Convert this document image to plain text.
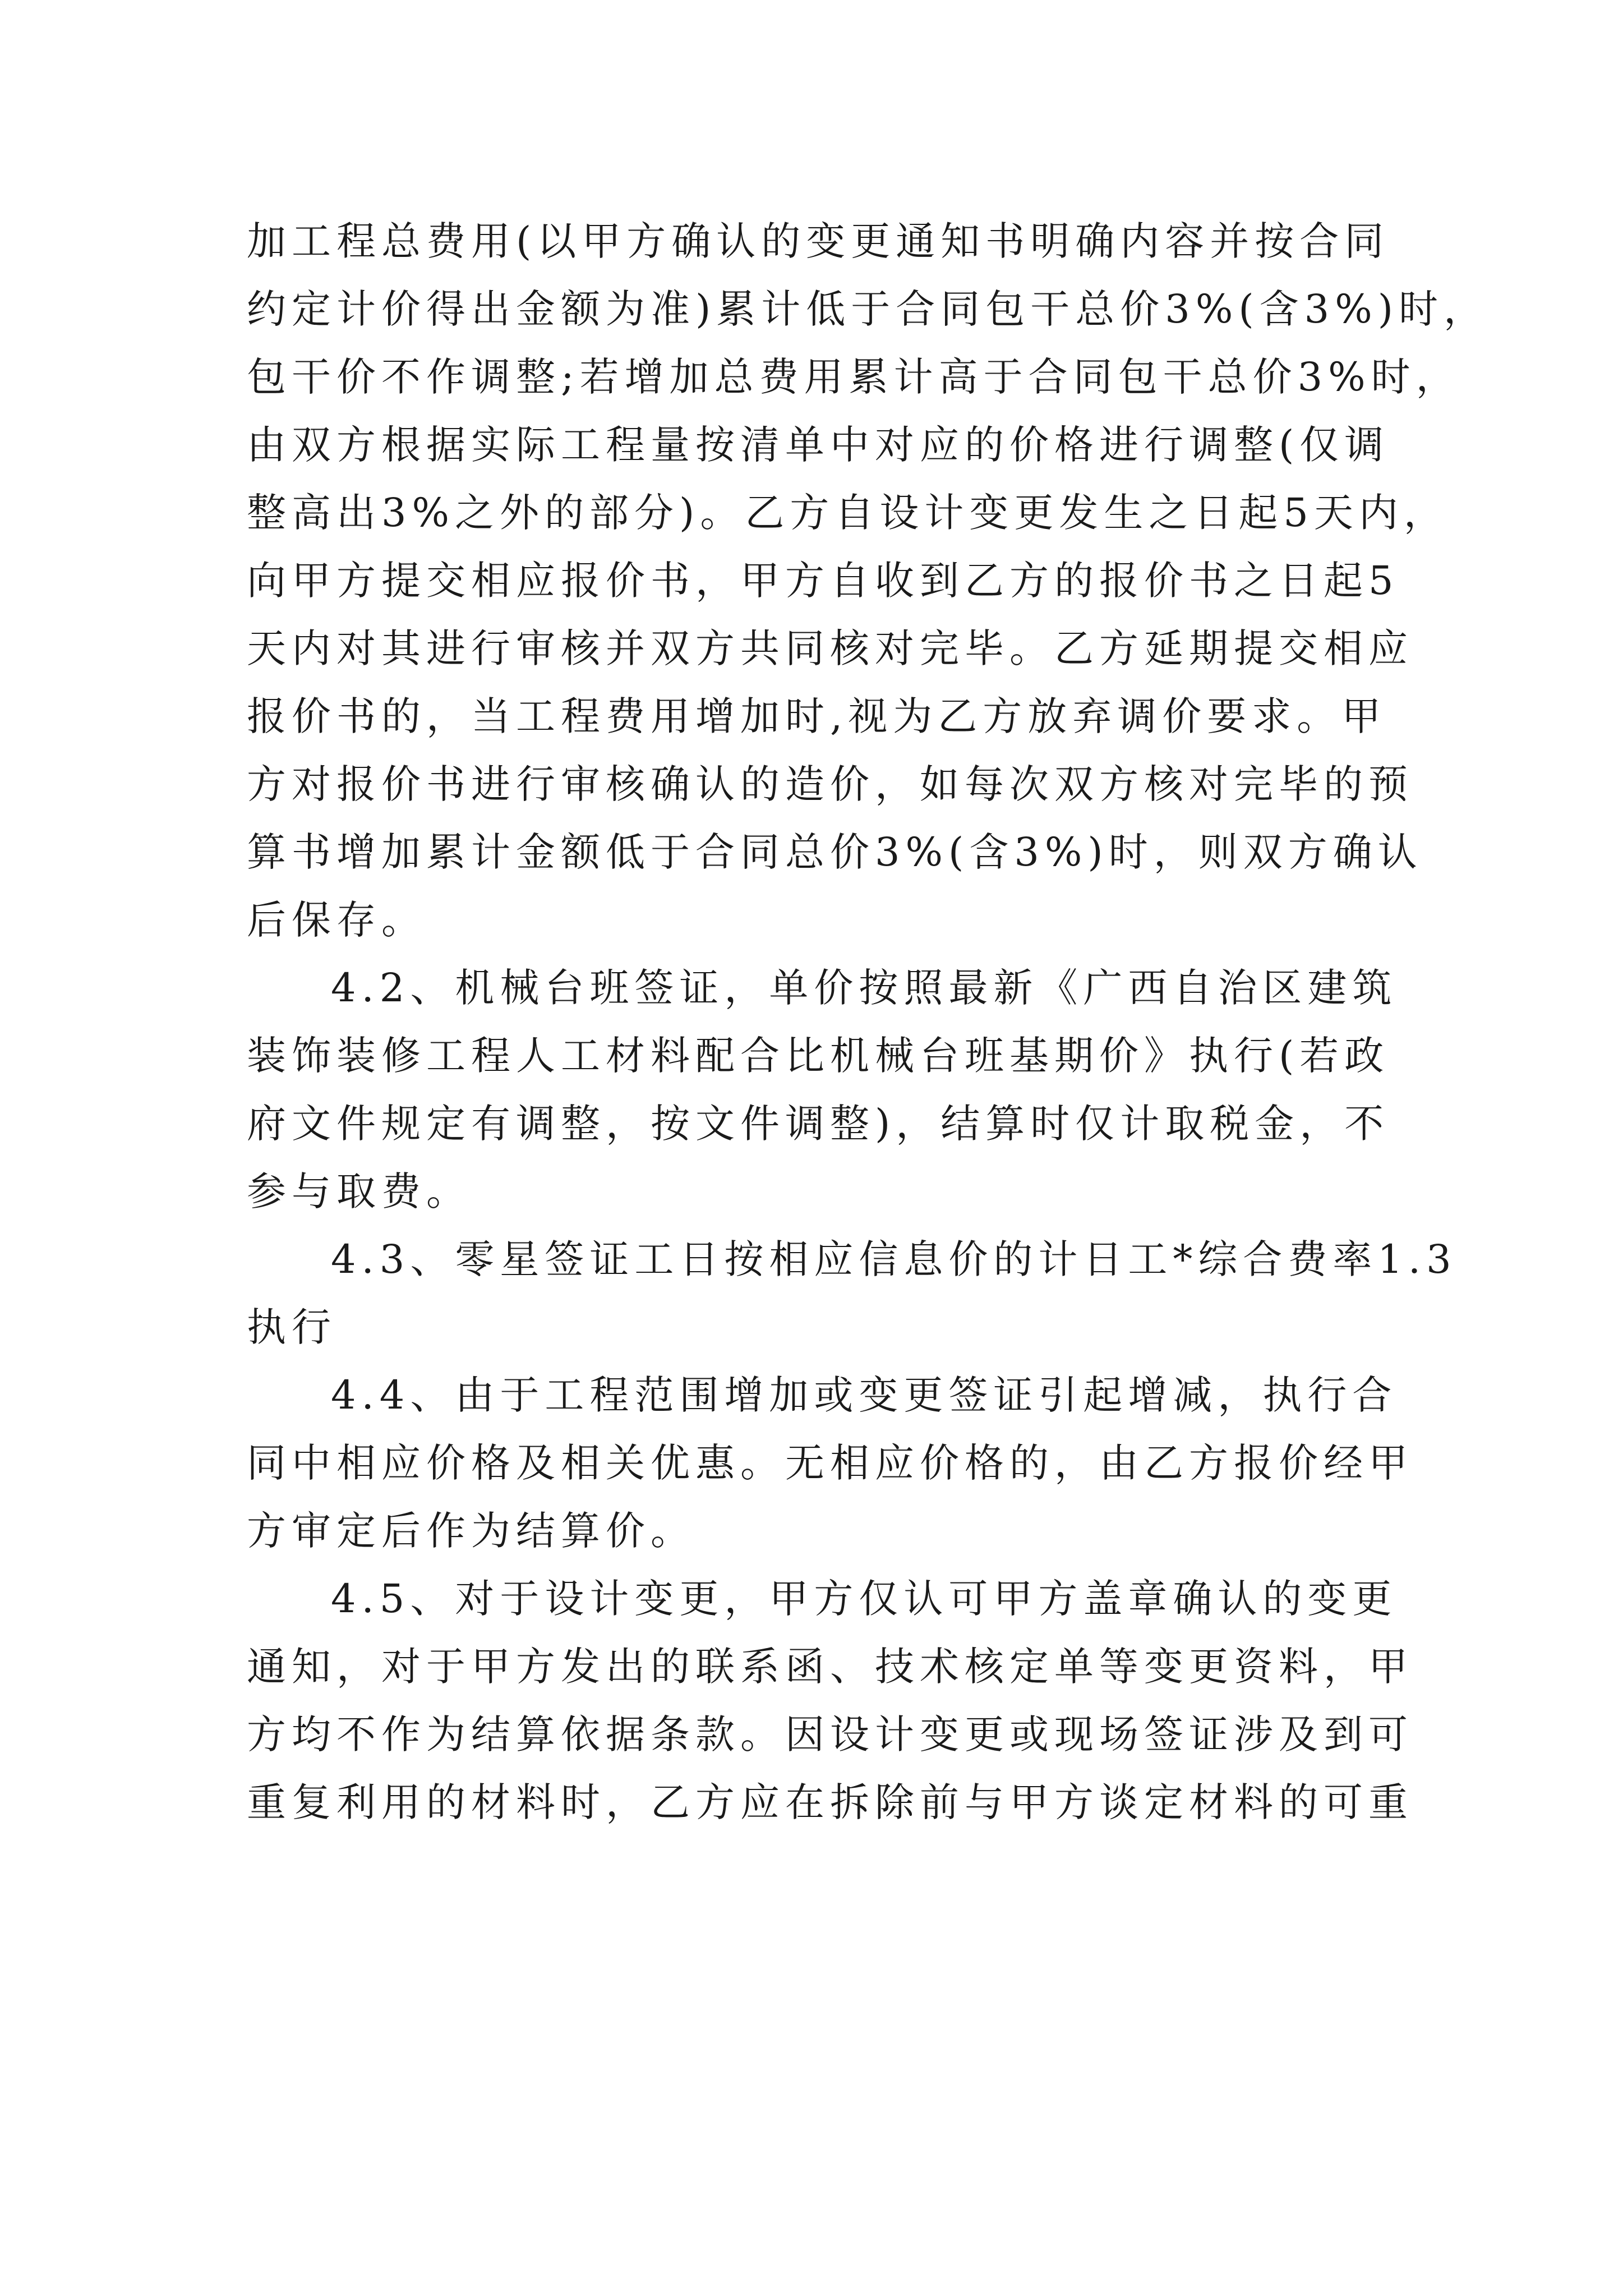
加工程总费用(以甲方确认的变更通知书明确内容并按合同
约定计价得出金额为准)累计低于合同包干总价3%(含3%)时，
包干价不作调整;若增加总费用累计高于合同包干总价3%时，
由双方根据实际工程量按清单中对应的价格进行调整(仅调
整高出3%之外的部分)。乙方自设计变更发生之日起5天内，
向甲方提交相应报价书，甲方自收到乙方的报价书之日起5
天内对其进行审核并双方共同核对完毕。乙方延期提交相应
报价书的，当工程费用增加时,视为乙方放弃调价要求。甲
方对报价书进行审核确认的造价，如每次双方核对完毕的预
算书增加累计金额低于合同总价3%(含3%)时，则双方确认
后保存。
4.2、机械台班签证，单价按照最新《广西自治区建筑
装饰装修工程人工材料配合比机械台班基期价》执行(若政
府文件规定有调整，按文件调整)，结算时仅计取税金，不
参与取费。
4.3、零星签证工日按相应信息价的计日工*综合费率1.3
执行
4.4、由于工程范围增加或变更签证引起增减，执行合
同中相应价格及相关优惠。无相应价格的，由乙方报价经甲
方审定后作为结算价。
4.5、对于设计变更，甲方仅认可甲方盖章确认的变更
通知，对于甲方发出的联系函、技术核定单等变更资料，甲
方均不作为结算依据条款。因设计变更或现场签证涉及到可
重复利用的材料时，乙方应在拆除前与甲方谈定材料的可重
